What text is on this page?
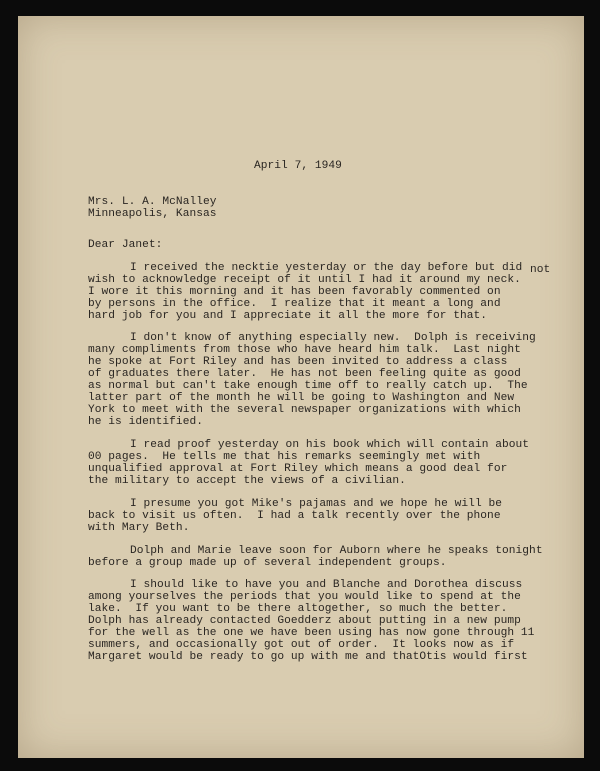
April 7, 1949
Mrs. L. A. McNalley
Minneapolis, Kansas
Dear Janet:
I received the necktie yesterday or the day before but did not
wish to acknowledge receipt of it until I had it around my neck.
I wore it this morning and it has been favorably commented on
by persons in the office.  I realize that it meant a long and
hard job for you and I appreciate it all the more for that.
I don't know of anything especially new.  Dolph is receiving
many compliments from those who have heard him talk.  Last night
he spoke at Fort Riley and has been invited to address a class
of graduates there later.  He has not been feeling quite as good
as normal but can't take enough time off to really catch up.  The
latter part of the month he will be going to Washington and New
York to meet with the several newspaper organizations with which
he is identified.
I read proof yesterday on his book which will contain about
00 pages.  He tells me that his remarks seemingly met with
unqualified approval at Fort Riley which means a good deal for
the military to accept the views of a civilian.
I presume you got Mike's pajamas and we hope he will be
back to visit us often.  I had a talk recently over the phone
with Mary Beth.
Dolph and Marie leave soon for Auborn where he speaks tonight
before a group made up of several independent groups.
I should like to have you and Blanche and Dorothea discuss
among yourselves the periods that you would like to spend at the
lake.  If you want to be there altogether, so much the better.
Dolph has already contacted Goedderz about putting in a new pump
for the well as the one we have been using has now gone through 11
summers, and occasionally got out of order.  It looks now as if
Margaret would be ready to go up with me and thatOtis would first
